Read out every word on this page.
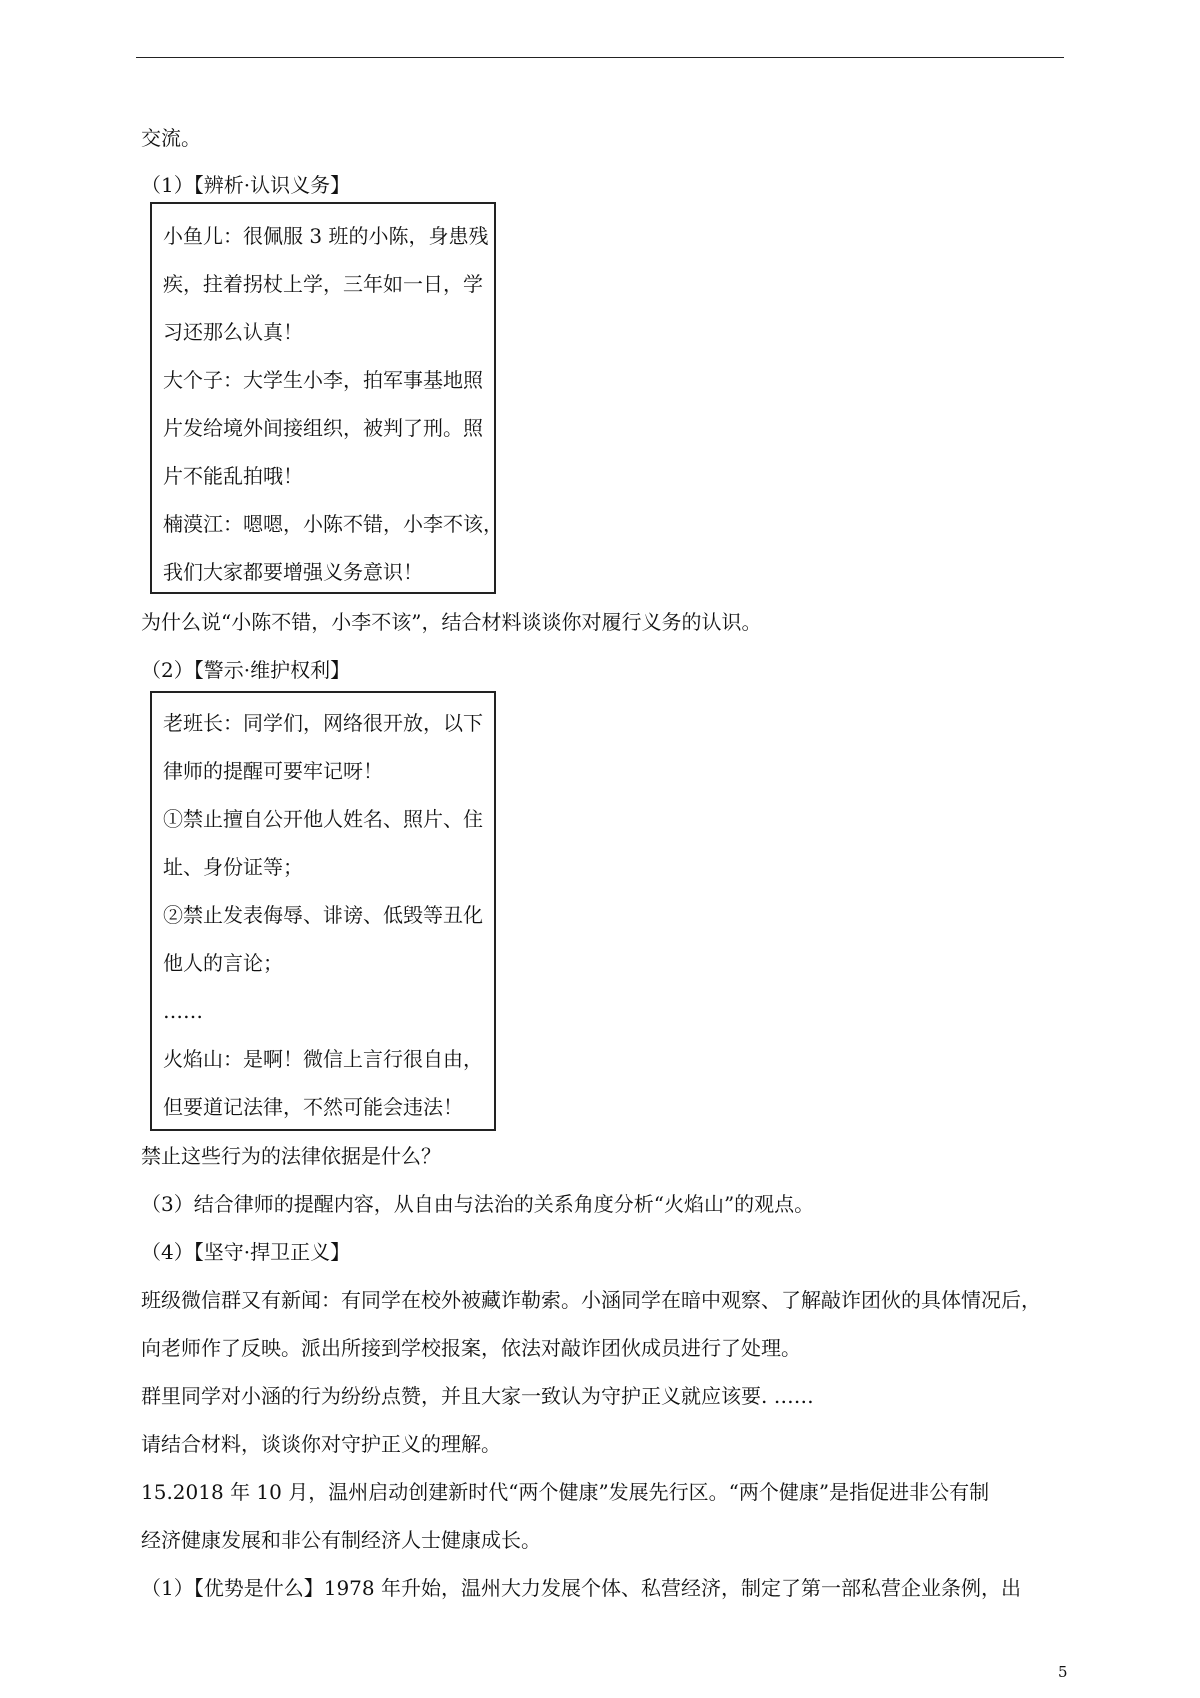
交流。
（1）【辨析·认识义务】
小鱼儿：很佩服 3 班的小陈，身患残
疾，拄着拐杖上学，三年如一日，学
习还那么认真！
大个子：大学生小李，拍军事基地照
片发给境外间接组织，被判了刑。照
片不能乱拍哦！
楠漠江：嗯嗯，小陈不错，小李不该，
我们大家都要增强义务意识！
为什么说“小陈不错，小李不该”，结合材料谈谈你对履行义务的认识。
（2）【警示·维护权利】
老班长：同学们，网络很开放，以下
律师的提醒可要牢记呀！
①禁止擅自公开他人姓名、照片、住
址、身份证等；
②禁止发表侮辱、诽谤、低毁等丑化
他人的言论；
……
火焰山：是啊！微信上言行很自由，
但要道记法律，不然可能会违法！
禁止这些行为的法律依据是什么？
（3）结合律师的提醒内容，从自由与法治的关系角度分析“火焰山”的观点。
（4）【坚守·捍卫正义】
班级微信群又有新闻：有同学在校外被藏诈勒索。小涵同学在暗中观察、了解敲诈团伙的具体情况后，
向老师作了反映。派出所接到学校报案，依法对敲诈团伙成员进行了处理。
群里同学对小涵的行为纷纷点赞，并且大家一致认为守护正义就应该要. ……
请结合材料，谈谈你对守护正义的理解。
15.2018 年 10 月，温州启动创建新时代“两个健康”发展先行区。“两个健康”是指促进非公有制
经济健康发展和非公有制经济人士健康成长。
（1）【优势是什么】1978 年升始，温州大力发展个体、私营经济，制定了第一部私营企业条例，出
5
